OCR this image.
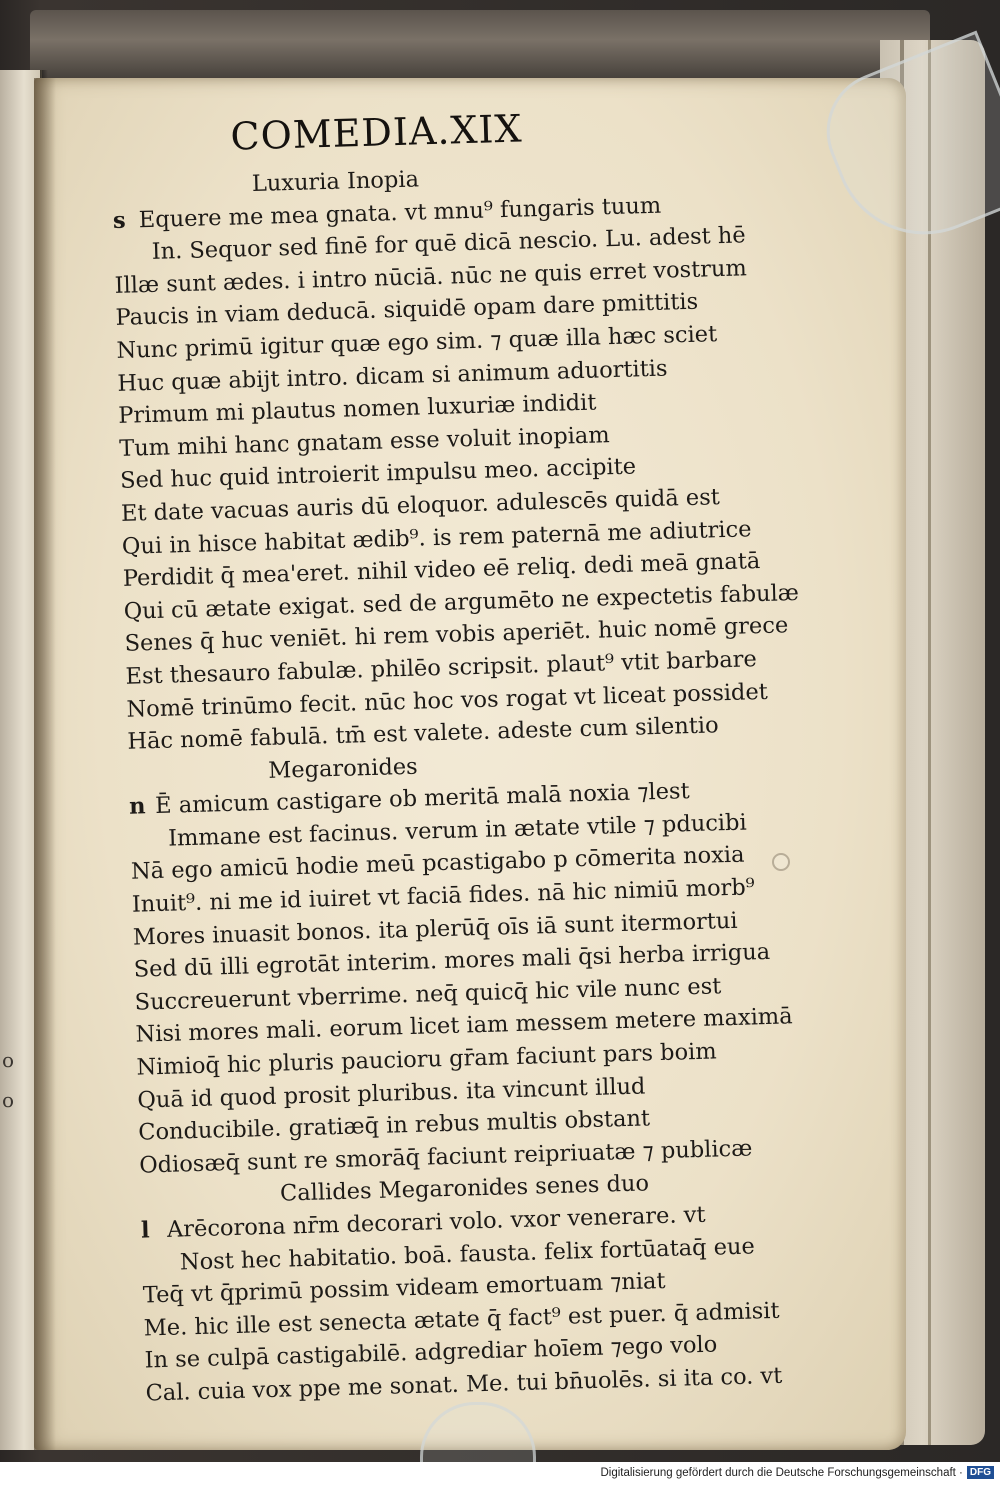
o o
COMEDIA.XIX
Luxuria Inopia
s Equere me mea gnata. vt mnu⁹ fungaris tuum
In. Sequor sed finē for quē dicā nescio. Lu. adest hē
Illæ sunt ædes. i intro nūciā. nūc ne quis erret vostrum
Paucis in viam deducā. siquidē opam dare pmittitis
Nunc primū igitur quæ ego sim. ⁊ quæ illa hæc sciet
Huc quæ abijt intro. dicam si animum aduortitis
Primum mi plautus nomen luxuriæ indidit
Tum mihi hanc gnatam esse voluit inopiam
Sed huc quid introierit impulsu meo. accipite
Et date vacuas auris dū eloquor. adulescēs quidā est
Qui in hisce habitat ædib⁹. is rem paternā me adiutrice
Perdidit q̄ mea'eret. nihil video eē reliq. dedi meā gnatā
Qui cū ætate exigat. sed de argumēto ne expectetis fabulæ
Senes q̄ huc veniēt. hi rem vobis aperiēt. huic nomē grece
Est thesauro fabulæ. philēo scripsit. plaut⁹ vtit barbare
Nomē trinūmo fecit. nūc hoc vos rogat vt liceat possidet
Hāc nomē fabulā. tm̄ est valete. adeste cum silentio
Megaronides
n Ē amicum castigare ob meritā malā noxia ⁊lest
Immane est facinus. verum in ætate vtile ⁊ pducibi
Nā ego amicū hodie meū pcastigabo p cōmerita noxia
Inuit⁹. ni me id iuiret vt faciā fides. nā hic nimiū morb⁹
Mores inuasit bonos. ita plerūq̄ oīs iā sunt itermortui
Sed dū illi egrotāt interim. mores mali q̄si herba irrigua
Succreuerunt vberrime. neq̄ quicq̄ hic vile nunc est
Nisi mores mali. eorum licet iam messem metere maximā
Nimioq̄ hic pluris paucioru gr̄am faciunt pars boim
Quā id quod prosit pluribus. ita vincunt illud
Conducibile. gratiæq̄ in rebus multis obstant
Odiosæq̄ sunt re smorāq̄ faciunt reipriuatæ ⁊ publicæ
Callides Megaronides senes duo
l Arēcorona nr̄m decorari volo. vxor venerare. vt
Nost hec habitatio. boā. fausta. felix fortūataq̄ eue
Teq̄ vt q̄primū possim videam emortuam ⁊niat
Me. hic ille est senecta ætate q̄ fact⁹ est puer. q̄ admisit
In se culpā castigabilē. adgrediar hoīem ⁊ego volo
Cal. cuia vox ppe me sonat. Me. tui bn̄uolēs. si ita co. vt
Digitalisierung gefördert durch die Deutsche Forschungsgemeinschaft · DFG
